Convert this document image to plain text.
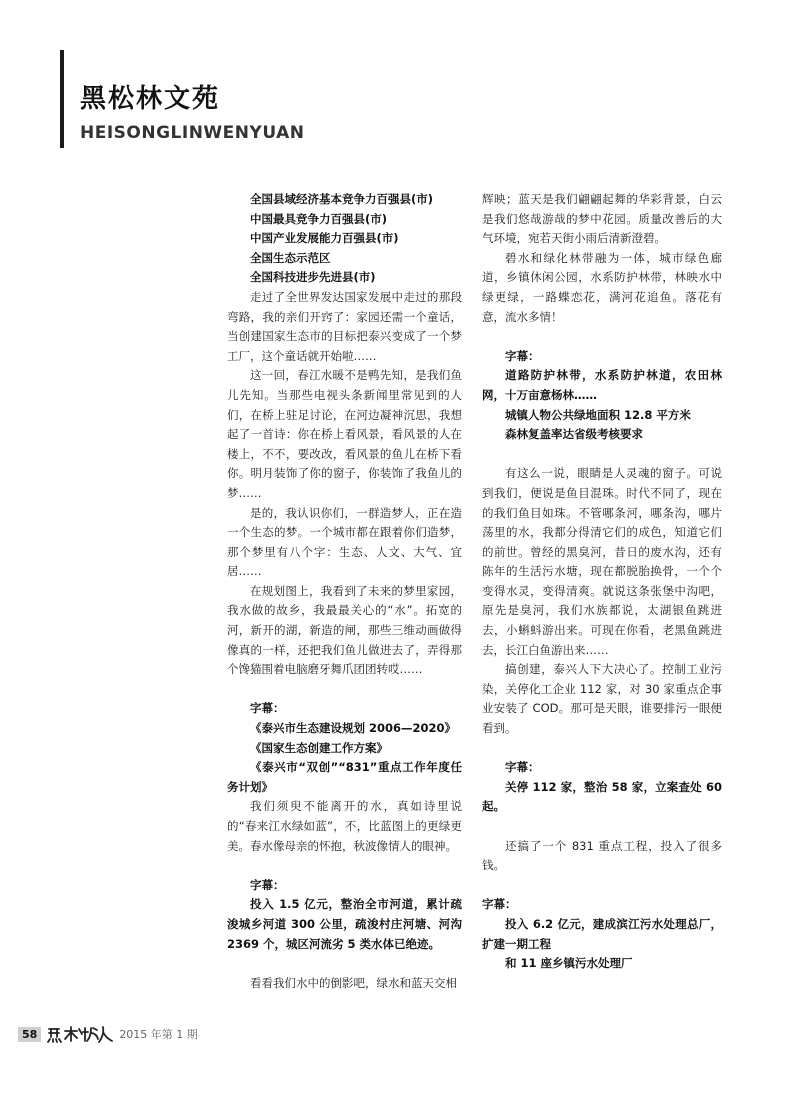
黑松林文苑
HEISONGLINWENYUAN

全国县域经济基本竞争力百强县(市)

中国最具竞争力百强县(市)

中国产业发展能力百强县(市)

全国生态示范区

全国科技进步先进县(市)

走过了全世界发达国家发展中走过的那段弯路，我的亲们开窍了：家园还需一个童话，当创建国家生态市的目标把泰兴变成了一个梦工厂，这个童话就开始啦……

这一回，春江水暖不是鸭先知，是我们鱼儿先知。当那些电视头条新闻里常见到的人们，在桥上驻足讨论，在河边凝神沉思，我想起了一首诗：你在桥上看风景，看风景的人在楼上，不不，要改改，看风景的鱼儿在桥下看你。明月装饰了你的窗子，你装饰了我鱼儿的梦……

是的，我认识你们，一群造梦人，正在造一个生态的梦。一个城市都在跟着你们造梦，那个梦里有八个字：生态、人文、大气、宜居……

在规划图上，我看到了未来的梦里家园，我水做的故乡，我最最关心的“水”。拓宽的河，新开的湖，新造的闸，那些三维动画做得像真的一样，还把我们鱼儿做进去了，弄得那个馋猫围着电脑磨牙舞爪团团转哎……

字幕：

《泰兴市生态建设规划 2006—2020》

《国家生态创建工作方案》

《泰兴市“双创”“831”重点工作年度任务计划》

我们须臾不能离开的水，真如诗里说的“春来江水绿如蓝”，不，比蓝图上的更绿更美。春水像母亲的怀抱，秋波像情人的眼神。

字幕：

投入 1.5 亿元，整治全市河道，累计疏浚城乡河道 300 公里，疏浚村庄河塘、河沟 2369 个，城区河流劣 5 类水体已绝迹。

看看我们水中的倒影吧，绿水和蓝天交相

辉映；蓝天是我们翩翩起舞的华彩背景，白云是我们悠哉游哉的梦中花园。质量改善后的大气环境，宛若天街小雨后清新澄碧。

碧水和绿化林带融为一体，城市绿色廊道，乡镇休闲公园，水系防护林带，林映水中绿更绿，一路蝶恋花，满河花追鱼。落花有意，流水多情！

字幕：

道路防护林带，水系防护林道，农田林网，十万亩意杨林……

城镇人物公共绿地面积 12.8 平方米

森林复盖率达省级考核要求

有这么一说，眼睛是人灵魂的窗子。可说到我们，便说是鱼目混珠。时代不同了，现在的我们鱼目如珠。不管哪条河，哪条沟，哪片荡里的水，我都分得清它们的成色，知道它们的前世。曾经的黑臭河，昔日的废水沟，还有陈年的生活污水塘，现在都脱胎换骨，一个个变得水灵，变得清爽。就说这条张堡中沟吧，原先是臭河，我们水族都说，太湖银鱼跳进去，小蝌蚪游出来。可现在你看，老黑鱼跳进去，长江白鱼游出来……

搞创建，泰兴人下大决心了。控制工业污染，关停化工企业 112 家，对 30 家重点企事业安装了 COD。那可是天眼，谁要排污一眼便看到。

字幕：

关停 112 家，整治 58 家，立案查处 60 起。

还搞了一个 831 重点工程，投入了很多钱。

字幕：

投入 6.2 亿元，建成滨江污水处理总厂，扩建一期工程

和 11 座乡镇污水处理厂

58	2015 年第 1 期
